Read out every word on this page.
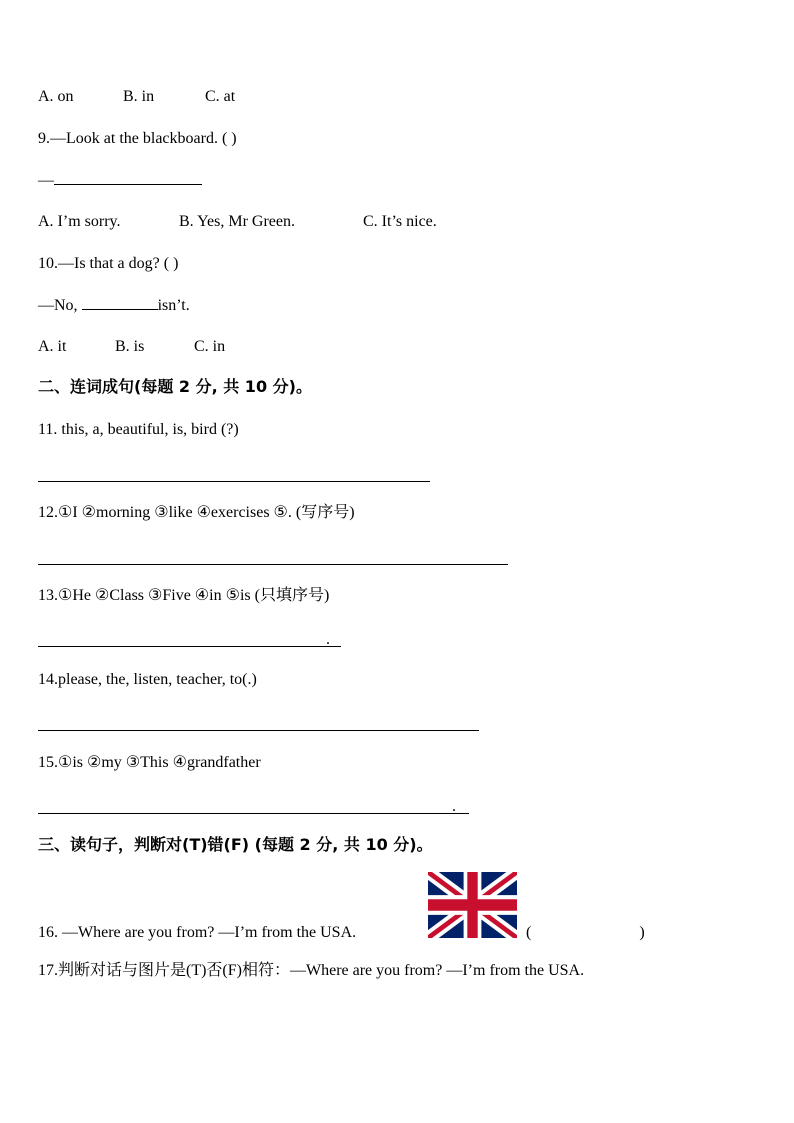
A. on	B. in	C. at
9.—Look at the blackboard. ( )
—
A. I’m sorry.	B. Yes, Mr Green.	C. It’s nice.
10.—Is that a dog? ( )
—No,	isn’t.
A. it	B. is	C. in
二、连词成句(每题 2 分, 共 10 分)。
11. this, a, beautiful, is, bird (?)
12.①I ②morning ③like ④exercises ⑤. (写序号)
13.①He ②Class ③Five ④in ⑤is (只填序号)
.
14.please, the, listen, teacher, to(.)
15.①is ②my ③This ④grandfather
.
三、读句子，判断对(T)错(F) (每题 2 分, 共 10 分)。
16. —Where are you from? —I’m from the USA.	(	)
17.判断对话与图片是(T)否(F)相符：—Where are you from? —I’m from the USA.
